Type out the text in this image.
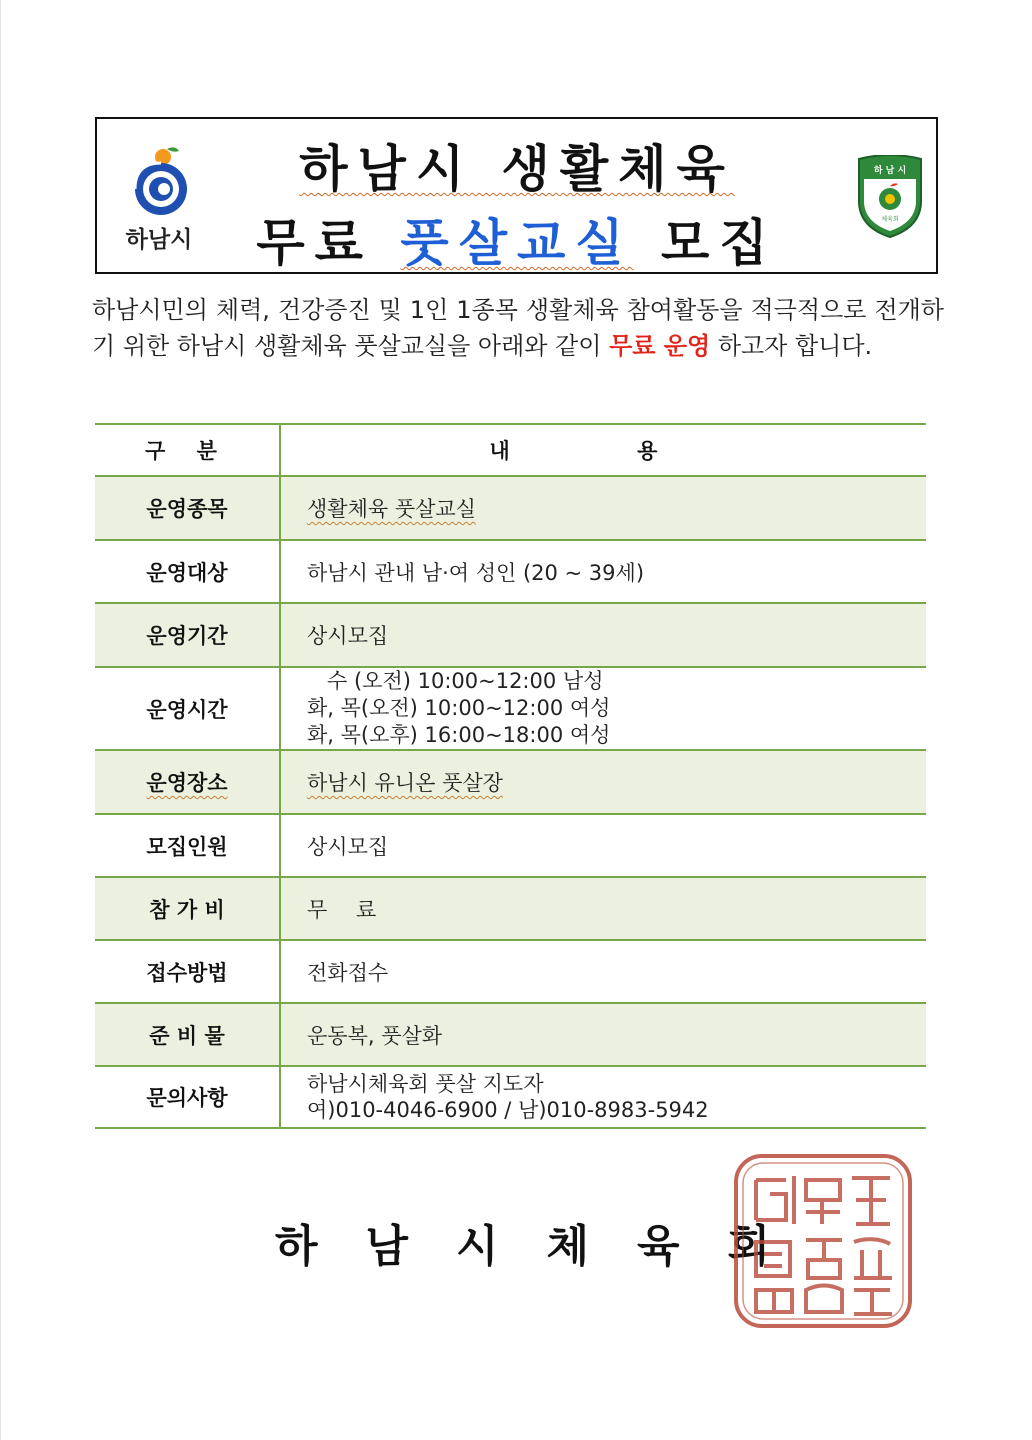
하남시
하남시 생활체육
무료 풋살교실 모집
하 남 시
체육회
하남시민의 체력, 건강증진 및 1인 1종목 생활체육 참여활동을 적극적으로 전개하기 위한 하남시 생활체육 풋살교실을 아래와 같이 무료 운영 하고자 합니다.
구 분	내 용
운영종목	생활체육 풋살교실
운영대상	하남시 관내 남·여 성인 (20 ~ 39세)
운영기간	상시모집
운영시간	수 (오전) 10:00~12:00 남성
화, 목(오전) 10:00~12:00 여성
화, 목(오후) 16:00~18:00 여성

운영장소	하남시 유니온 풋살장
모집인원	상시모집
참 가 비	무 료
접수방법	전화접수
준 비 물	운동복, 풋살화
문의사항	하남시체육회 풋살 지도자
여)010-4046-6900 / 남)010-8983-5942
하남시체육회
